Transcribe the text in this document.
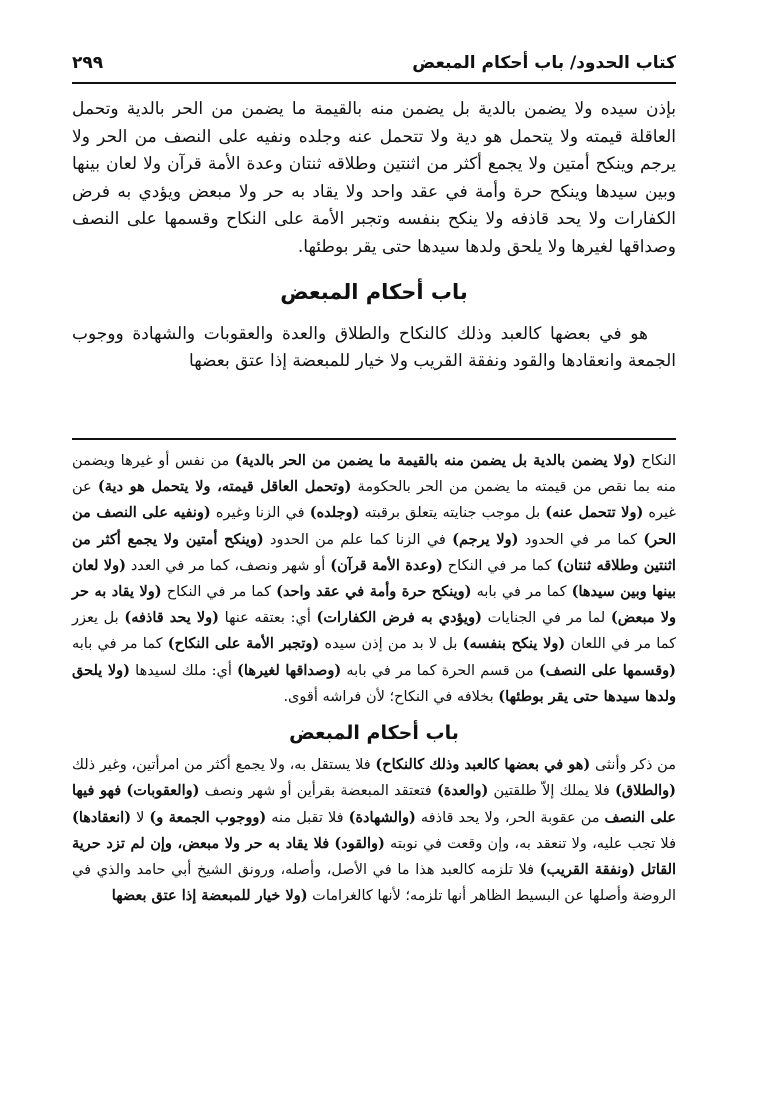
٢٩٩	كتاب الحدود/ باب أحكام المبعض
بإذن سيده ولا يضمن بالدية بل يضمن منه بالقيمة ما يضمن من الحر بالدية وتحمل العاقلة قيمته ولا يتحمل هو دية ولا تتحمل عنه وجلده ونفيه على النصف من الحر ولا يرجم وينكح أمتين ولا يجمع أكثر من اثنتين وطلاقه ثنتان وعدة الأمة قرآن ولا لعان بينها وبين سيدها وينكح حرة وأمة في عقد واحد ولا يقاد به حر ولا مبعض ويؤدي به فرض الكفارات ولا يحد قاذفه ولا ينكح بنفسه وتجبر الأمة على النكاح وقسمها على النصف وصداقها لغيرها ولا يلحق ولدها سيدها حتى يقر بوطئها.
باب أحكام المبعض
هو في بعضها كالعبد وذلك كالنكاح والطلاق والعدة والعقوبات والشهادة ووجوب الجمعة وانعقادها والقود ونفقة القريب ولا خيار للمبعضة إذا عتق بعضها
النكاح (ولا يضمن بالدية بل يضمن منه بالقيمة ما يضمن من الحر بالدية) من نفس أو غيرها ويضمن منه بما نقص من قيمته ما يضمن من الحر بالحكومة (وتحمل العاقل قيمته، ولا يتحمل هو دية) عن غيره (ولا تتحمل عنه) بل موجب جنايته يتعلق برقبته (وجلده) في الزنا وغيره (ونفيه على النصف من الحر) كما مر في الحدود (ولا يرجم) في الزنا كما علم من الحدود (وينكح أمتين ولا يجمع أكثر من اثنتين وطلاقه ثنتان) كما مر في النكاح (وعدة الأمة قرآن) أو شهر ونصف، كما مر في العدد (ولا لعان بينها وبين سيدها) كما مر في بابه (وينكح حرة وأمة في عقد واحد) كما مر في النكاح (ولا يقاد به حر ولا مبعض) لما مر في الجنايات (ويؤدي به فرض الكفارات) أي: بعتقه عنها (ولا يحد قاذفه) بل يعزر كما مر في اللعان (ولا ينكح بنفسه) بل لا بد من إذن سيده (وتجبر الأمة على النكاح) كما مر في بابه (وقسمها على النصف) من قسم الحرة كما مر في بابه (وصداقها لغيرها) أي: ملك لسيدها (ولا يلحق ولدها سيدها حتى يقر بوطئها) بخلافه في النكاح؛ لأن فراشه أقوى.
باب أحكام المبعض
من ذكر وأنثى (هو في بعضها كالعبد وذلك كالنكاح) فلا يستقل به، ولا يجمع أكثر من امرأتين، وغير ذلك (والطلاق) فلا يملك إلاّ طلقتين (والعدة) فتعتقد المبعضة بقرأين أو شهر ونصف (والعقوبات) فهو فيها على النصف من عقوبة الحر، ولا يحد قاذفه (والشهادة) فلا تقبل منه (ووجوب الجمعة و) لا (انعقادها) فلا تجب عليه، ولا تنعقد به، وإن وقعت في نوبته (والقود) فلا يقاد به حر ولا مبعض، وإن لم تزد حرية القاتل (ونفقة القريب) فلا تلزمه كالعبد هذا ما في الأصل، وأصله، ورونق الشيخ أبي حامد والذي في الروضة وأصلها عن البسيط الظاهر أنها تلزمه؛ لأنها كالغرامات (ولا خيار للمبعضة إذا عتق بعضها
